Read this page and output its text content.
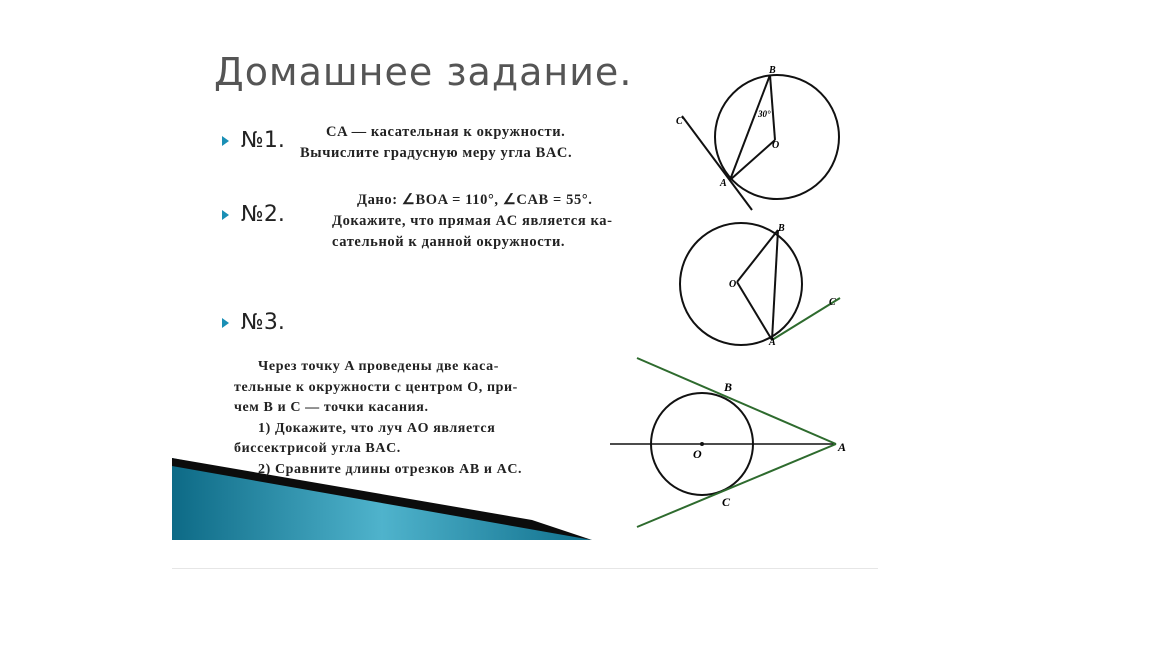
Домашнее задание.
№1.	CA — касательная к окружности.

Вычислите градусную меру угла BAC.

№2.

Дано: ∠BOA = 110°, ∠CAB = 55°.

Докажите, что прямая AC является ка-

сательной к данной окружности.

№3.

Через точку A проведены две каса-

тельные к окружности с центром O, при-

чем B и C — точки касания.

1) Докажите, что луч AO является

биссектрисой угла BAC.

2) Сравните длины отрезков AB и AC.

B
A
O
C
30°
B
O
A
C
B
O	A
C
